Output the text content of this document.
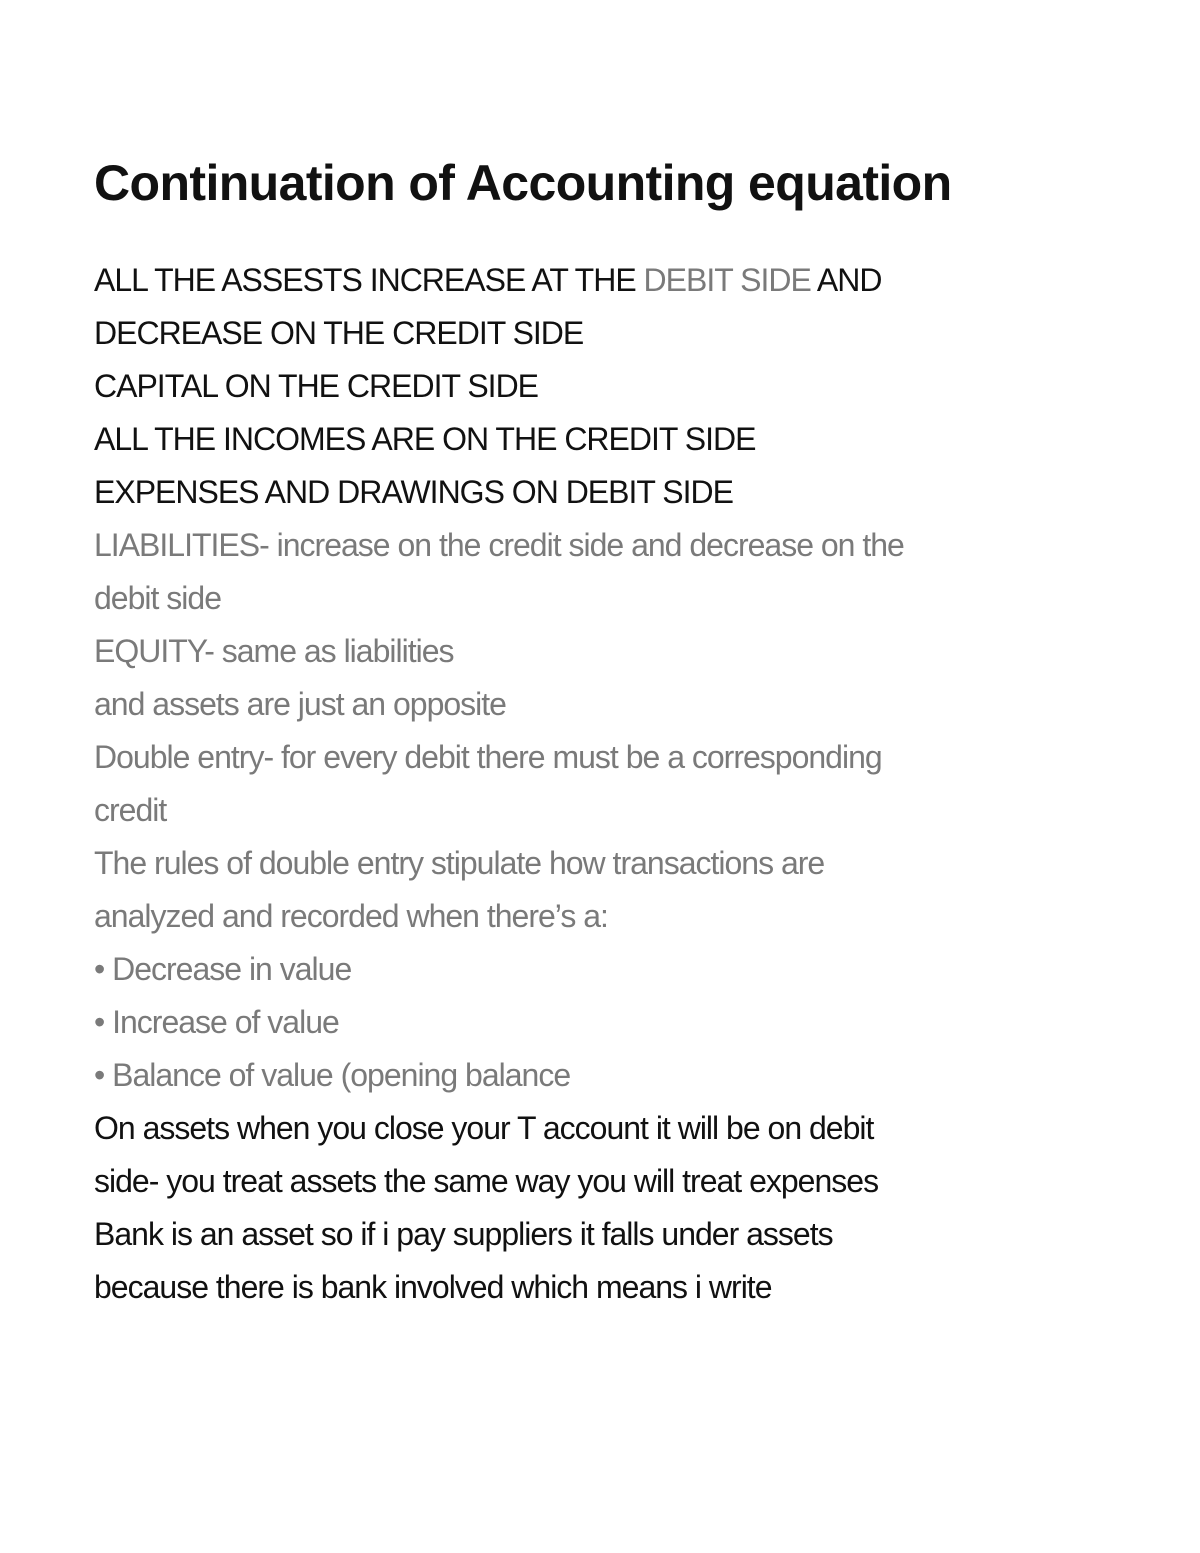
Continuation of Accounting equation
ALL THE ASSESTS INCREASE AT THE DEBIT SIDE AND
DECREASE ON THE CREDIT SIDE
CAPITAL ON THE CREDIT SIDE
ALL THE INCOMES ARE ON THE CREDIT SIDE
EXPENSES AND DRAWINGS ON DEBIT SIDE
LIABILITIES- increase on the credit side and decrease on the
debit side
EQUITY- same as liabilities
and assets are just an opposite
Double entry- for every debit there must be a corresponding
credit
The rules of double entry stipulate how transactions are
analyzed and recorded when there’s a:
• Decrease in value
• Increase of value
• Balance of value (opening balance
On assets when you close your T account it will be on debit
side- you treat assets the same way you will treat expenses
Bank is an asset so if i pay suppliers it falls under assets
because there is bank involved which means i write
